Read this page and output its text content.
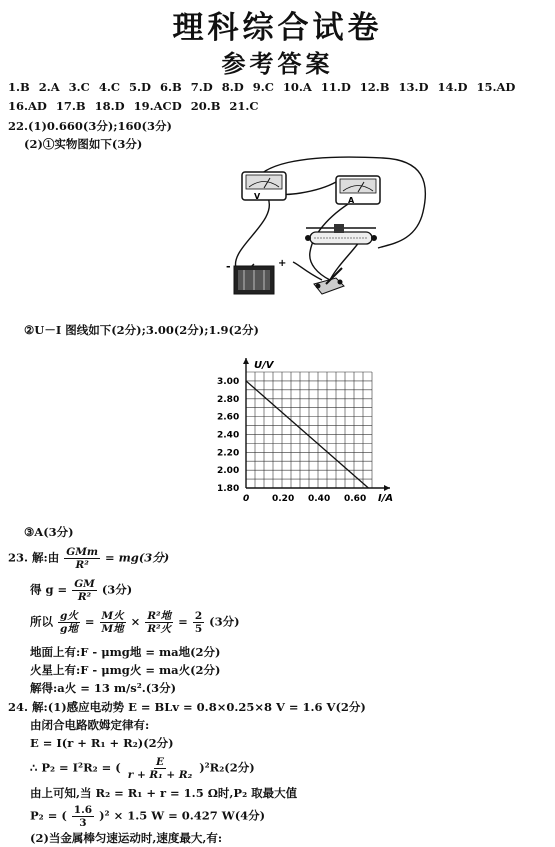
理科综合试卷
参考答案
1.B 2.A 3.C 4.C 5.D 6.B 7.D 8.D 9.C 10.A 11.D 12.B 13.D 14.D 15.AD
16.AD 17.B 18.D 19.ACD 20.B 21.C
22.(1)0.660(3分);160(3分)
(2)①实物图如下(3分)
V	A
-	+
②U－I 图线如下(2分);3.00(2分);1.9(2分)
0	0.20 0.40 0.60
1.80
2.00
2.20
2.40
2.60
2.80
3.00
I/A
U/V
③A(3分)
23. 解:由 $\frac{\text{GMm}}{\text{R²}} = mg(3$分)
得 $g = \frac{GM}{\text{R²}} (3$分)
所以 $\frac{\text{g火}}{\text{g地}} = \frac{\text{M火}}{\text{M地}} \times \frac{\text{R²地}}{\text{R²火}} = \frac{2}{5} (3$分)
地面上有:F - μmg地 = ma地(2分)
火星上有:F - μmg火 = ma火(2分)
解得:a火 = 13 m/s².(3分)
24. 解:(1)感应电动势 E = BLv = 0.8×0.25×8 V = 1.6 V(2分)
由闭合电路欧姆定律有:
E = I(r + R₁ + R₂)(2分)
∴ P₂ = I²R₂ = ( $\frac{E}{\text{r + R₁ + R₂}} )^2R_2(2$分)
由上可知,当 R₂ = R₁ + r = 1.5 Ω时,P₂ 取最大值
P₂ = ( $\frac{1.6}{3} )^2 \times 1.5$ W = 0.427 W(4分)
(2)当金属棒匀速运动时,速度最大,有:
